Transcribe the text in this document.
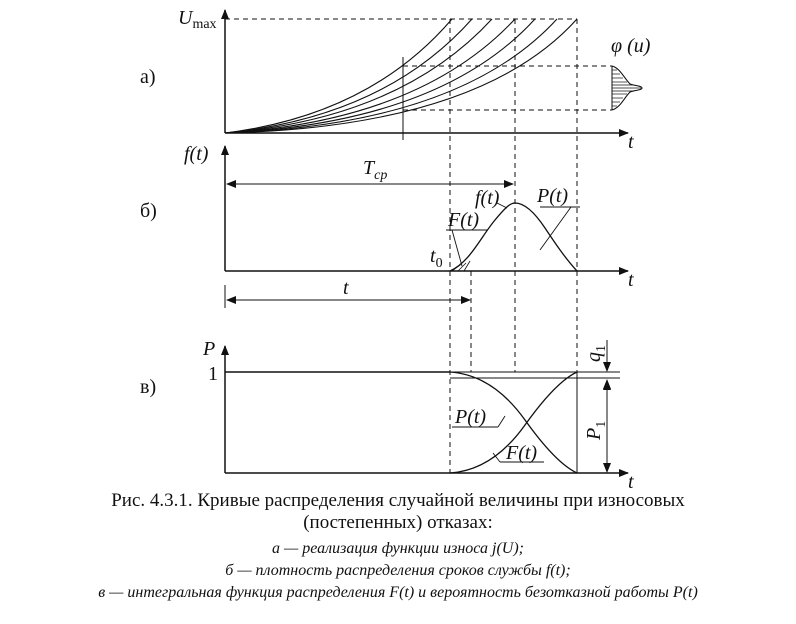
а)
$U_{max}$
t
φ (u)
б)
f(t)
t
$T_{cp}$
t
$t_0$
f(t)
F(t)
P(t)
в)
P
1
t
P(t)
F(t)
$q_1$
$P_1$
Рис. 4.3.1. Кривые распределения случайной величины при износовых
(постепенных) отказах:
а — реализация функции износа j(U);
б — плотность распределения сроков службы f(t);
в — интегральная функция распределения F(t) и вероятность безотказной работы P(t)
